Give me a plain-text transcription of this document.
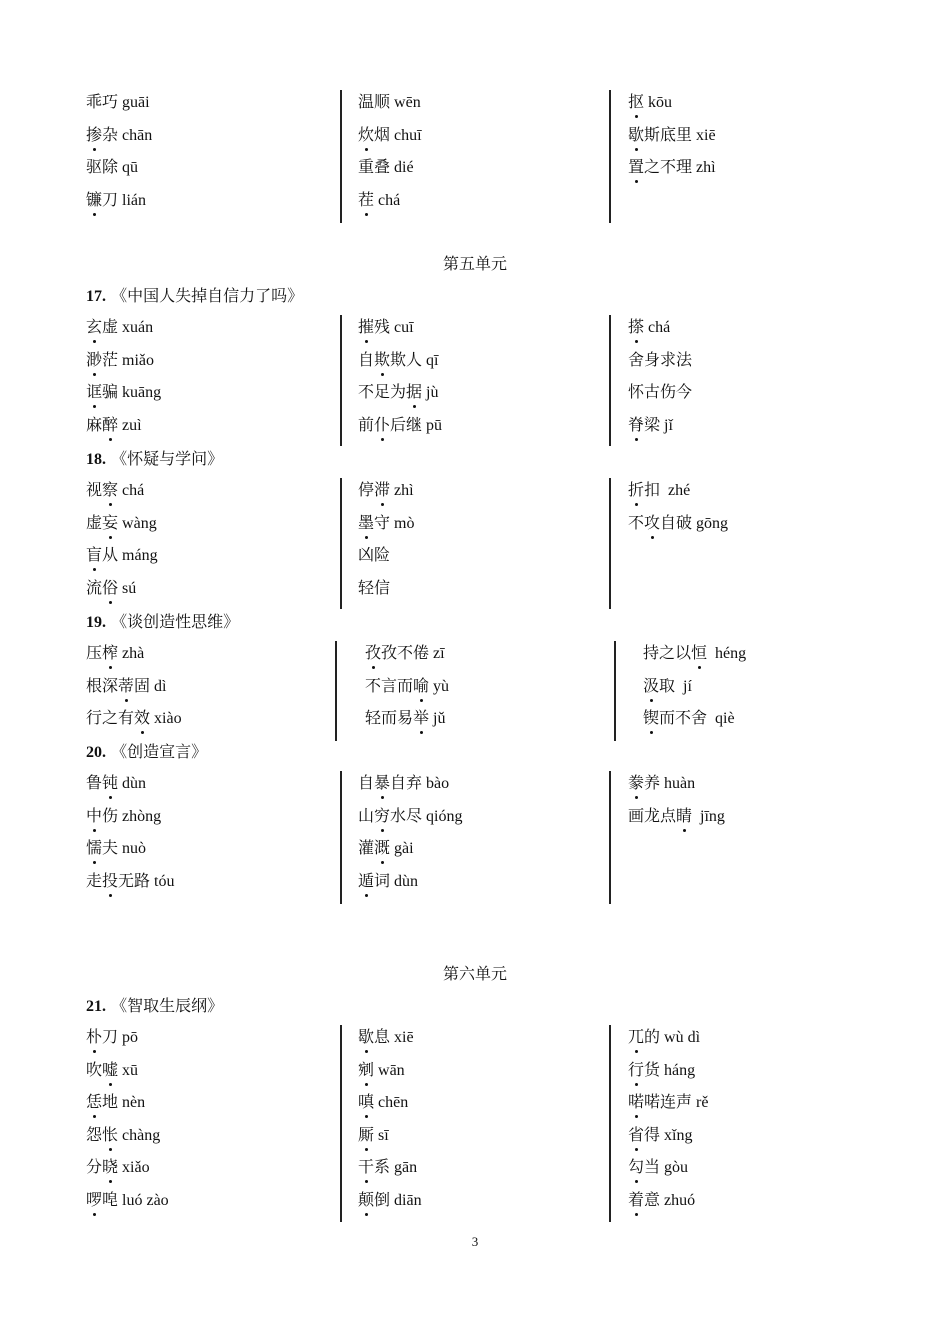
乖巧 guāi
掺杂 chān
驱除 qū
镰刀 lián
温顺 wēn
炊烟 chuī
重叠 dié
茬 chá
抠 kōu
歇斯底里 xiē
置之不理 zhì
第五单元
17. 《中国人失掉自信力了吗》
玄虚 xuán
渺茫 miǎo
诓骗 kuāng
麻醉 zuì
摧残 cuī
自欺欺人 qī
不足为据 jù
前仆后继 pū
搽 chá
舍身求法
怀古伤今
脊梁 jǐ
18. 《怀疑与学问》
视察 chá
虚妄 wàng
盲从 máng
流俗 sú
停滞 zhì
墨守 mò
凶险
轻信
折扣 zhé
不攻自破 gōng
19. 《谈创造性思维》
压榨 zhà
根深蒂固 dì
行之有效 xiào
孜孜不倦 zī
不言而喻 yù
轻而易举 jǔ
持之以恒 héng
汲取 jí
锲而不舍 qiè
20. 《创造宣言》
鲁钝 dùn
中伤 zhòng
懦夫 nuò
走投无路 tóu
自暴自弃 bào
山穷水尽 qióng
灌溉 gài
遁词 dùn
豢养 huàn
画龙点睛 jīng
第六单元
21. 《智取生辰纲》
朴刀 pō
吹嘘 xū
恁地 nèn
怨怅 chàng
分晓 xiǎo
啰唣 luó zào
歇息 xiē
剜 wān
嗔 chēn
厮 sī
干系 gān
颠倒 diān
兀的 wù dì
行货 háng
喏喏连声 rě
省得 xǐng
勾当 gòu
着意 zhuó
3
